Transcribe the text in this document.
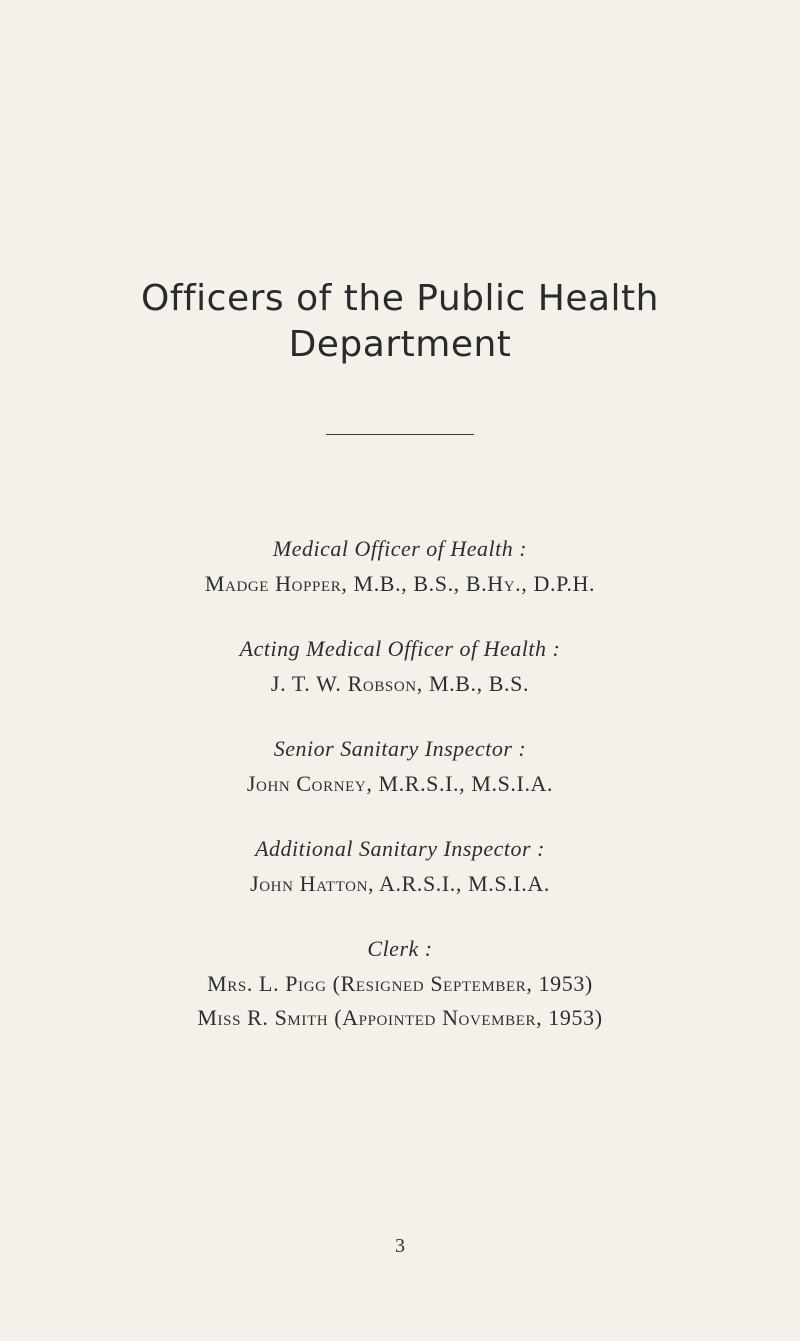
Officers of the Public Health
Department
Medical Officer of Health :
Madge Hopper, M.B., B.S., B.Hy., D.P.H.
Acting Medical Officer of Health :
J. T. W. Robson, M.B., B.S.
Senior Sanitary Inspector :
John Corney, M.R.S.I., M.S.I.A.
Additional Sanitary Inspector :
John Hatton, A.R.S.I., M.S.I.A.
Clerk :
Mrs. L. Pigg (Resigned September, 1953)
Miss R. Smith (Appointed November, 1953)
3
